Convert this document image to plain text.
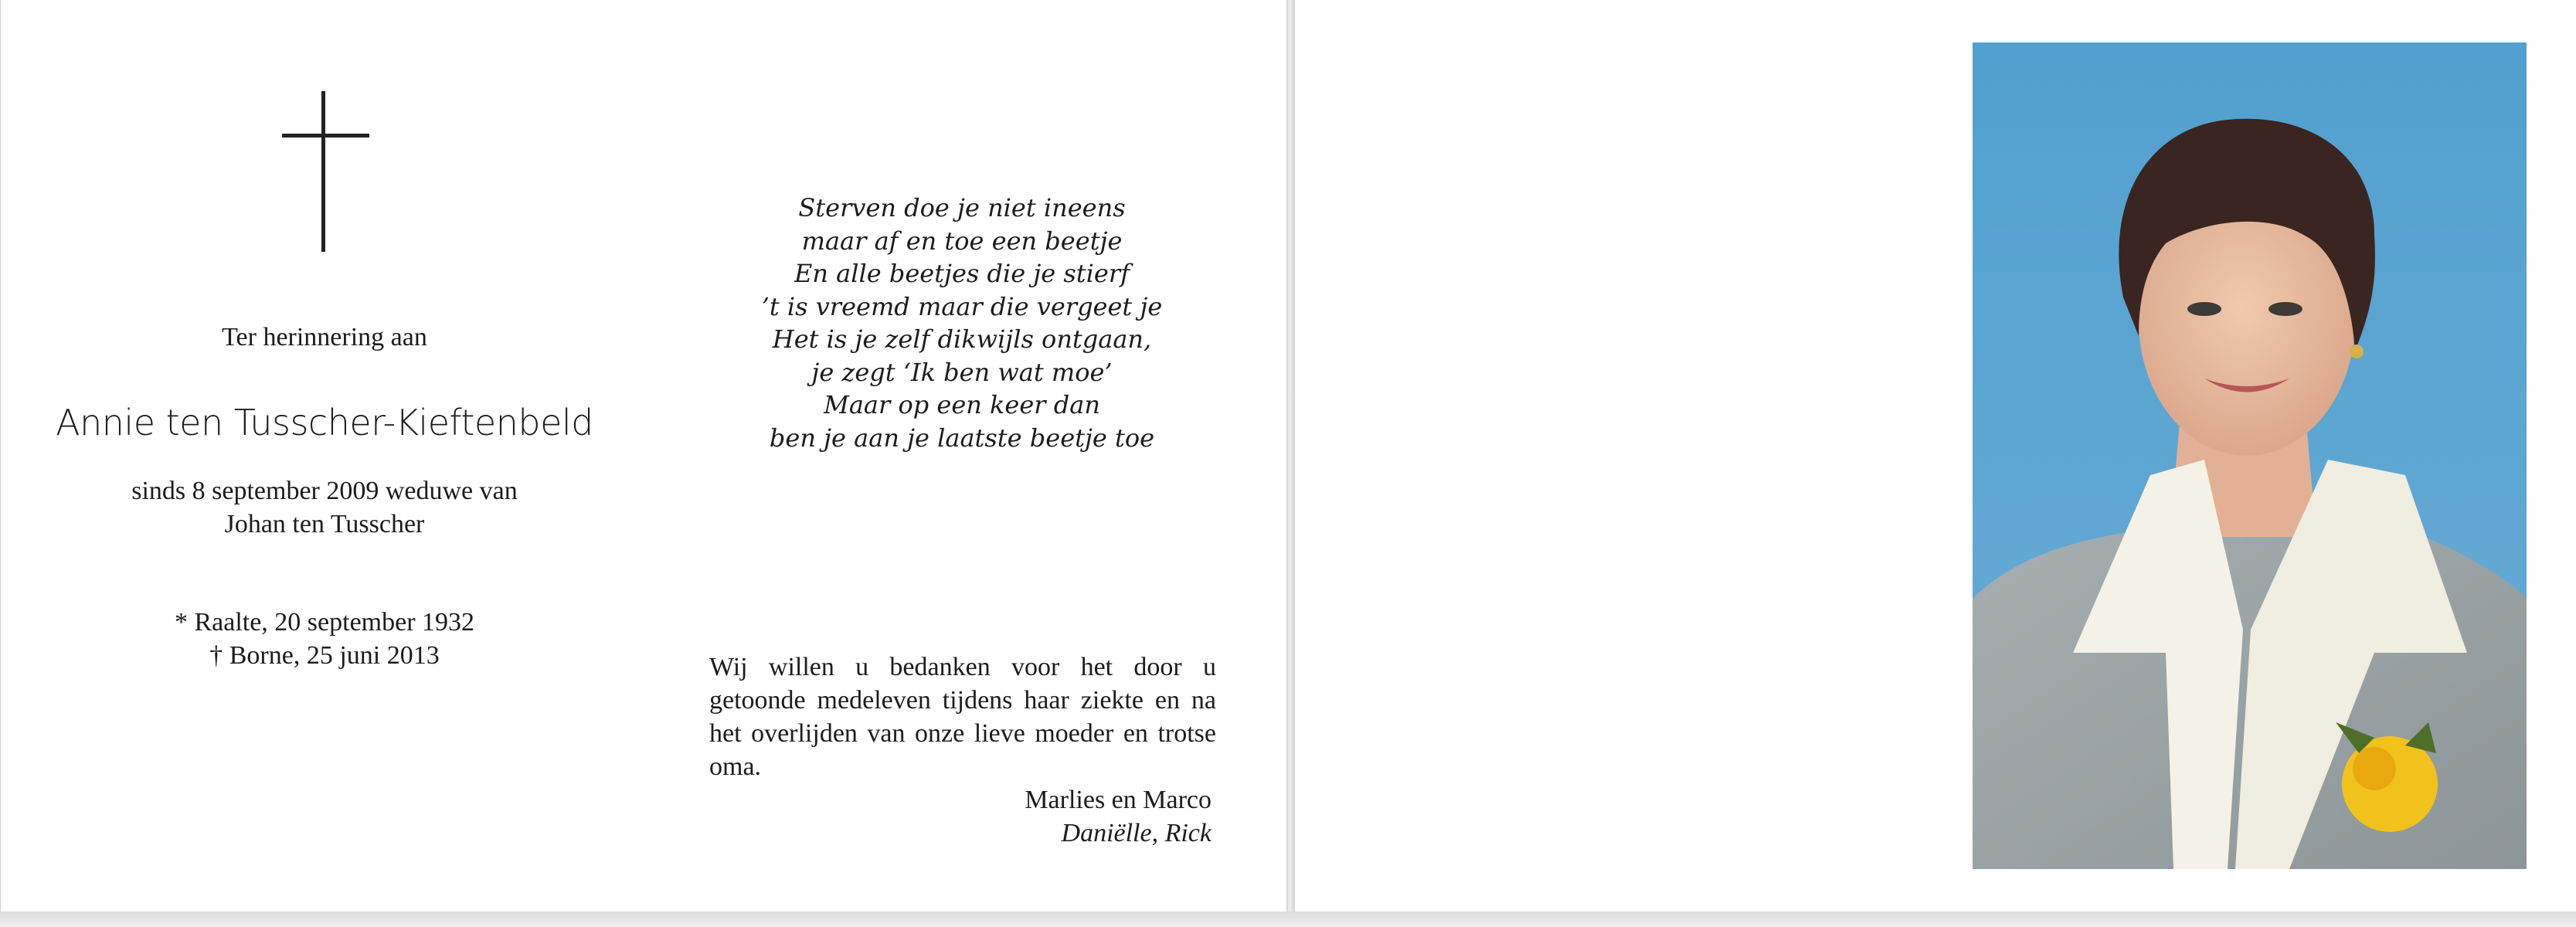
Ter herinnering aan
Annie ten Tusscher-Kieftenbeld
sinds 8 september 2009 weduwe van
Johan ten Tusscher
* Raalte, 20 september 1932
† Borne, 25 juni 2013
Sterven doe je niet ineens
maar af en toe een beetje
En alle beetjes die je stierf
’t is vreemd maar die vergeet je
Het is je zelf dikwijls ontgaan,
je zegt ‘Ik ben wat moe’
Maar op een keer dan
ben je aan je laatste beetje toe
Wij willen u bedanken voor het door u getoonde medeleven tijdens haar ziekte en na het overlijden van onze lieve moeder en trotse oma.
Marlies en Marco
Daniëlle, Rick
